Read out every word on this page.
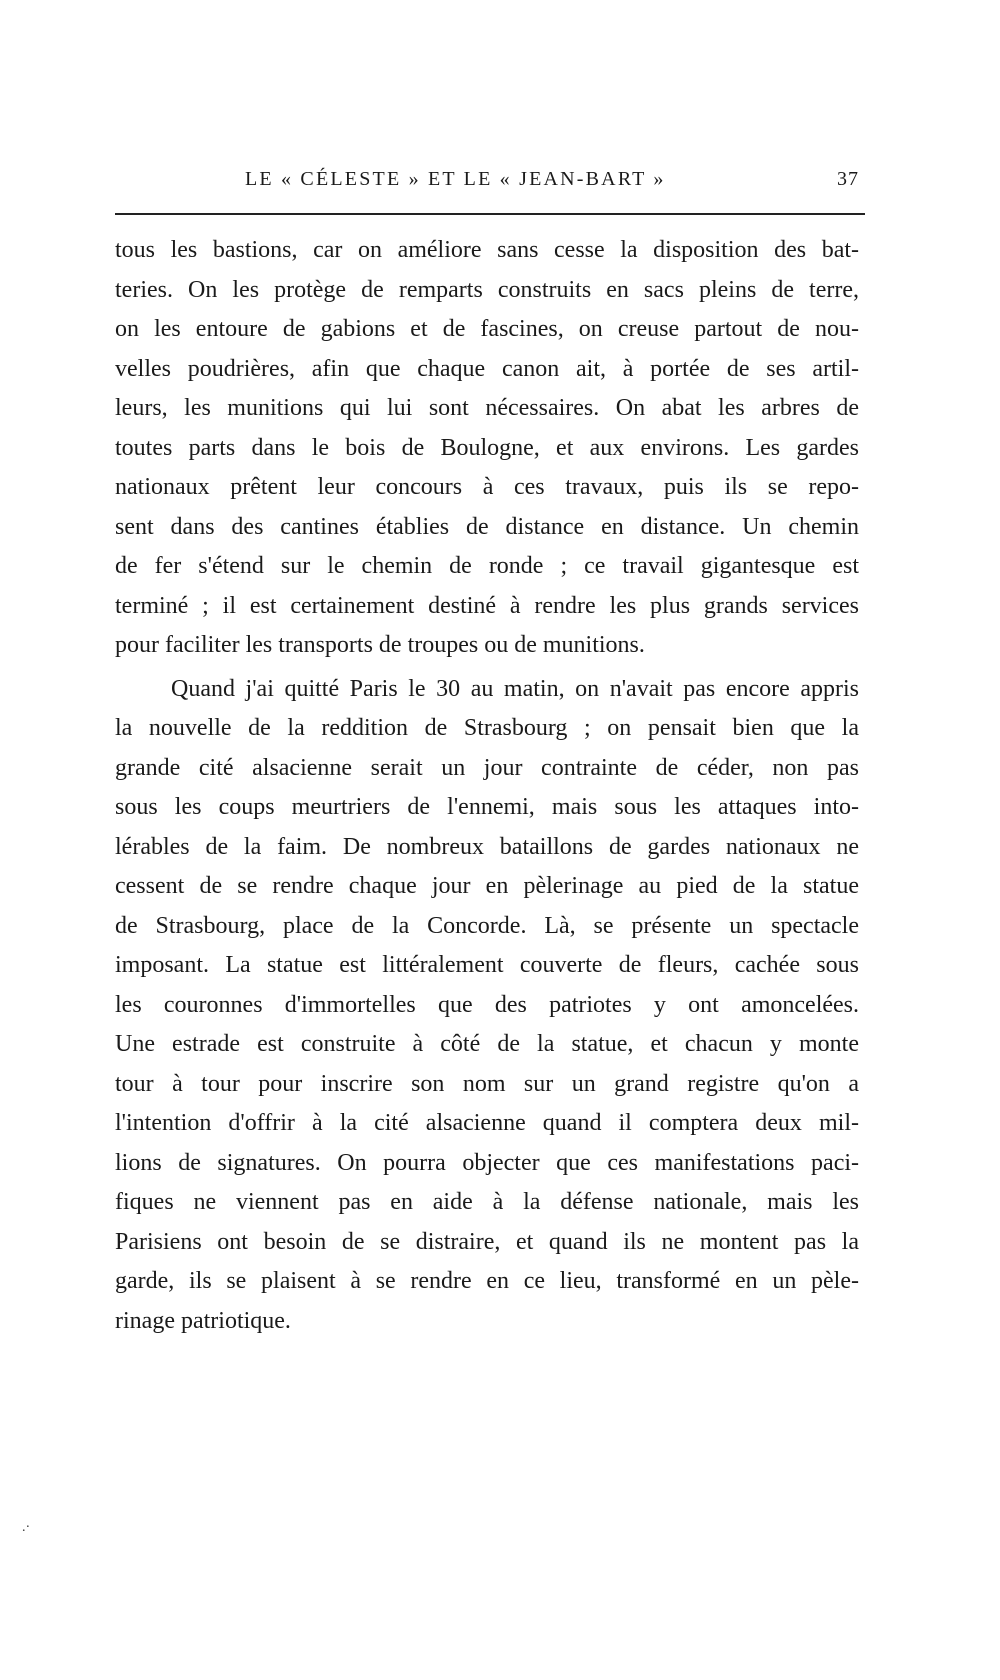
LE « CÉLESTE » ET LE « JEAN-BART »	37

tous les bastions, car on améliore sans cesse la disposition des bat-
teries. On les protège de remparts construits en sacs pleins de terre,
on les entoure de gabions et de fascines, on creuse partout de nou-
velles poudrières, afin que chaque canon ait, à portée de ses artil-
leurs, les munitions qui lui sont nécessaires. On abat les arbres de
toutes parts dans le bois de Boulogne, et aux environs. Les gardes
nationaux prêtent leur concours à ces travaux, puis ils se repo-
sent dans des cantines établies de distance en distance. Un chemin
de fer s'étend sur le chemin de ronde ; ce travail gigantesque est
terminé ; il est certainement destiné à rendre les plus grands services
pour faciliter les transports de troupes ou de munitions.

Quand j'ai quitté Paris le 30 au matin, on n'avait pas encore appris
la nouvelle de la reddition de Strasbourg ; on pensait bien que la
grande cité alsacienne serait un jour contrainte de céder, non pas
sous les coups meurtriers de l'ennemi, mais sous les attaques into-
lérables de la faim. De nombreux bataillons de gardes nationaux ne
cessent de se rendre chaque jour en pèlerinage au pied de la statue
de Strasbourg, place de la Concorde. Là, se présente un spectacle
imposant. La statue est littéralement couverte de fleurs, cachée sous
les couronnes d'immortelles que des patriotes y ont amoncelées.
Une estrade est construite à côté de la statue, et chacun y monte
tour à tour pour inscrire son nom sur un grand registre qu'on a
l'intention d'offrir à la cité alsacienne quand il comptera deux mil-
lions de signatures. On pourra objecter que ces manifestations paci-
fiques ne viennent pas en aide à la défense nationale, mais les
Parisiens ont besoin de se distraire, et quand ils ne montent pas la
garde, ils se plaisent à se rendre en ce lieu, transformé en un pèle-
rinage patriotique.

.·
